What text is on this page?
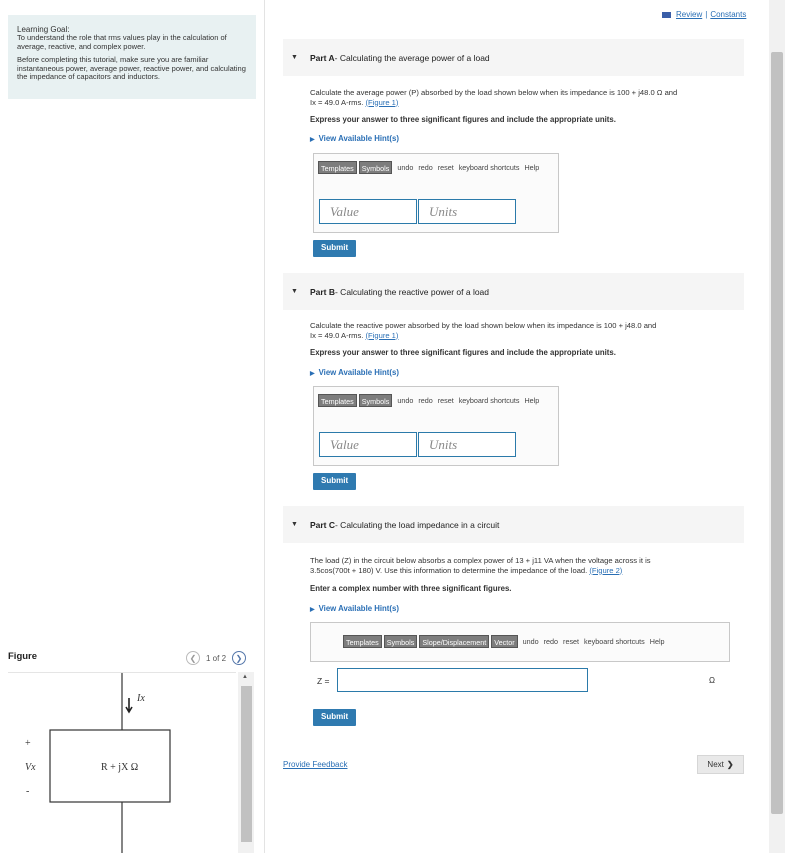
Learning Goal:

To understand the role that rms values play in the calculation of average, reactive, and complex power.

Before completing this tutorial, make sure you are familiar instantaneous power, average power, reactive power, and calculating the impedance of capacitors and inductors.

Figure	❮ 1 of 2 ❯
Ix
+
Vx
-
R + jX Ω
▲
Review | Constants
▼ Part A - Calculating the average power of a load
Calculate the average power (P) absorbed by the load shown below when its impedance is 100 + j48.0 Ω and
Ix = 49.0 A-rms. (Figure 1)
Express your answer to three significant figures and include the appropriate units.
▶ View Available Hint(s)
Templates	Symbols	undo redo reset keyboard shortcuts Help
Value	Units
Submit
▼ Part B - Calculating the reactive power of a load
Calculate the reactive power absorbed by the load shown below when its impedance is 100 + j48.0 and
Ix = 49.0 A-rms. (Figure 1)
Express your answer to three significant figures and include the appropriate units.
▶ View Available Hint(s)
Templates	Symbols	undo redo reset keyboard shortcuts Help
Value	Units
Submit
▼ Part C - Calculating the load impedance in a circuit
The load (Z) in the circuit below absorbs a complex power of 13 + j11 VA when the voltage across it is
3.5cos(700t + 180) V. Use this information to determine the impedance of the load. (Figure 2)
Enter a complex number with three significant figures.
▶ View Available Hint(s)
Templates	Symbols	Slope/Displacement	Vector	undo redo reset keyboard shortcuts Help
Z =	Ω
Submit
Provide Feedback	Next ❯
